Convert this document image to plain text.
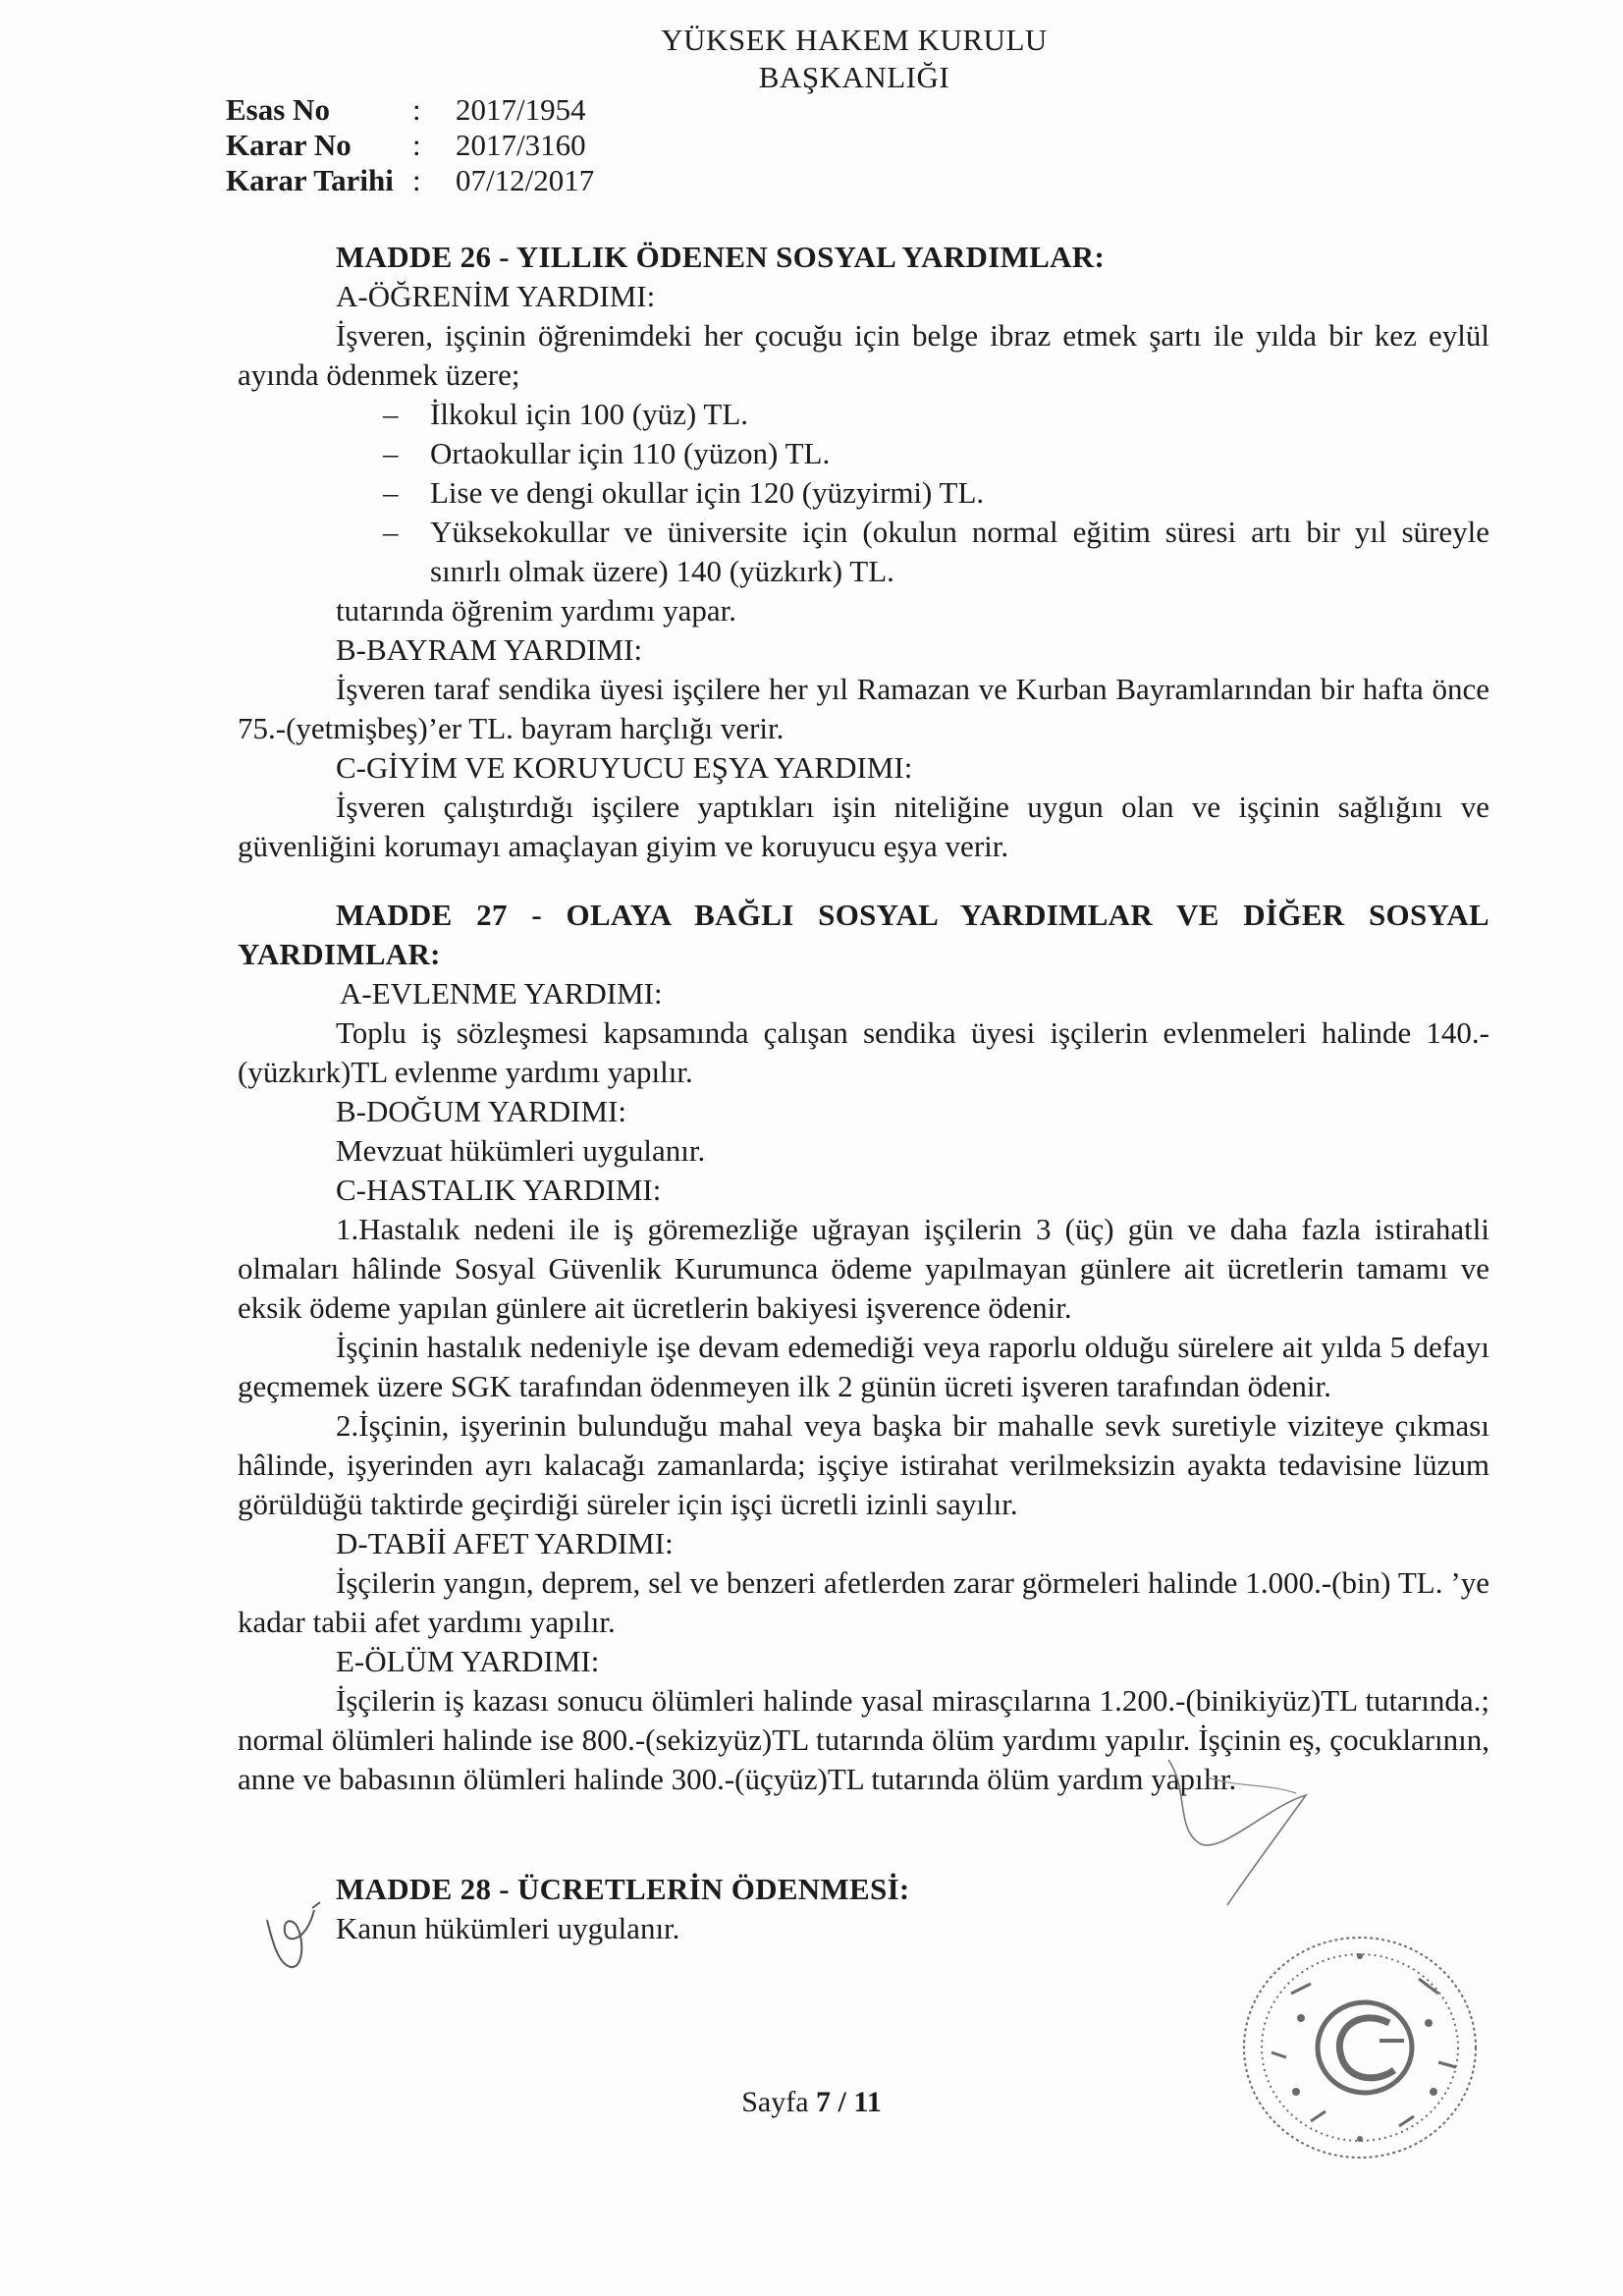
YÜKSEK HAKEM KURULU
BAŞKANLIĞI
Esas No	:	2017/1954
Karar No	:	2017/3160
Karar Tarihi :	07/12/2017
MADDE 26 - YILLIK ÖDENEN SOSYAL YARDIMLAR:
A-ÖĞRENİM YARDIMI:
İşveren, işçinin öğrenimdeki her çocuğu için belge ibraz etmek şartı ile yılda bir kez eylül ayında ödenmek üzere;
– İlkokul için 100 (yüz) TL.
– Ortaokullar için 110 (yüzon) TL.
– Lise ve dengi okullar için 120 (yüzyirmi) TL.
– Yüksekokullar ve üniversite için (okulun normal eğitim süresi artı bir yıl süreyle sınırlı olmak üzere) 140 (yüzkırk) TL.
tutarında öğrenim yardımı yapar.
B-BAYRAM YARDIMI:
İşveren taraf sendika üyesi işçilere her yıl Ramazan ve Kurban Bayramlarından bir hafta önce 75.-(yetmişbeş)’er TL. bayram harçlığı verir.
C-GİYİM VE KORUYUCU EŞYA YARDIMI:
İşveren çalıştırdığı işçilere yaptıkları işin niteliğine uygun olan ve işçinin sağlığını ve güvenliğini korumayı amaçlayan giyim ve koruyucu eşya verir.
MADDE 27 - OLAYA BAĞLI SOSYAL YARDIMLAR VE DİĞER SOSYAL YARDIMLAR:
A-EVLENME YARDIMI:
Toplu iş sözleşmesi kapsamında çalışan sendika üyesi işçilerin evlenmeleri halinde 140.-(yüzkırk)TL evlenme yardımı yapılır.
B-DOĞUM YARDIMI:
Mevzuat hükümleri uygulanır.
C-HASTALIK YARDIMI:
1.Hastalık nedeni ile iş göremezliğe uğrayan işçilerin 3 (üç) gün ve daha fazla istirahatli olmaları hâlinde Sosyal Güvenlik Kurumunca ödeme yapılmayan günlere ait ücretlerin tamamı ve eksik ödeme yapılan günlere ait ücretlerin bakiyesi işverence ödenir.
İşçinin hastalık nedeniyle işe devam edemediği veya raporlu olduğu sürelere ait yılda 5 defayı geçmemek üzere SGK tarafından ödenmeyen ilk 2 günün ücreti işveren tarafından ödenir.
2.İşçinin, işyerinin bulunduğu mahal veya başka bir mahalle sevk suretiyle viziteye çıkması hâlinde, işyerinden ayrı kalacağı zamanlarda; işçiye istirahat verilmeksizin ayakta tedavisine lüzum görüldüğü taktirde geçirdiği süreler için işçi ücretli izinli sayılır.
D-TABİİ AFET YARDIMI:
İşçilerin yangın, deprem, sel ve benzeri afetlerden zarar görmeleri halinde 1.000.-(bin) TL. ’ye kadar tabii afet yardımı yapılır.
E-ÖLÜM YARDIMI:
İşçilerin iş kazası sonucu ölümleri halinde yasal mirasçılarına 1.200.-(binikiyüz)TL tutarında.; normal ölümleri halinde ise 800.-(sekizyüz)TL tutarında ölüm yardımı yapılır. İşçinin eş, çocuklarının, anne ve babasının ölümleri halinde 300.-(üçyüz)TL tutarında ölüm yardım yapılır.
MADDE 28 - ÜCRETLERİN ÖDENMESİ:
Kanun hükümleri uygulanır.
Sayfa 7 / 11
